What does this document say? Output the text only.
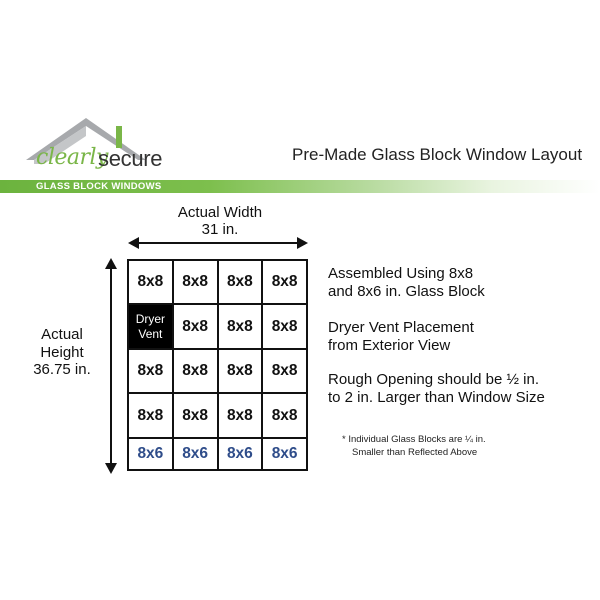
clearly
secure	Pre-Made Glass Block Window Layout
GLASS BLOCK WINDOWS
Actual Width
31 in.
Actual
Height
36.75 in.
8x8	8x8	8x8	8x8
Dryer
Vent	8x8	8x8	8x8
8x8	8x8	8x8	8x8
8x8	8x8	8x8	8x8
8x6	8x6	8x6	8x6
Assembled Using 8x8
and 8x6 in. Glass Block
Dryer Vent Placement
from Exterior View
Rough Opening should be ½ in.
to 2 in. Larger than Window Size
* Individual Glass Blocks are ¼ in.
Smaller than Reflected Above
